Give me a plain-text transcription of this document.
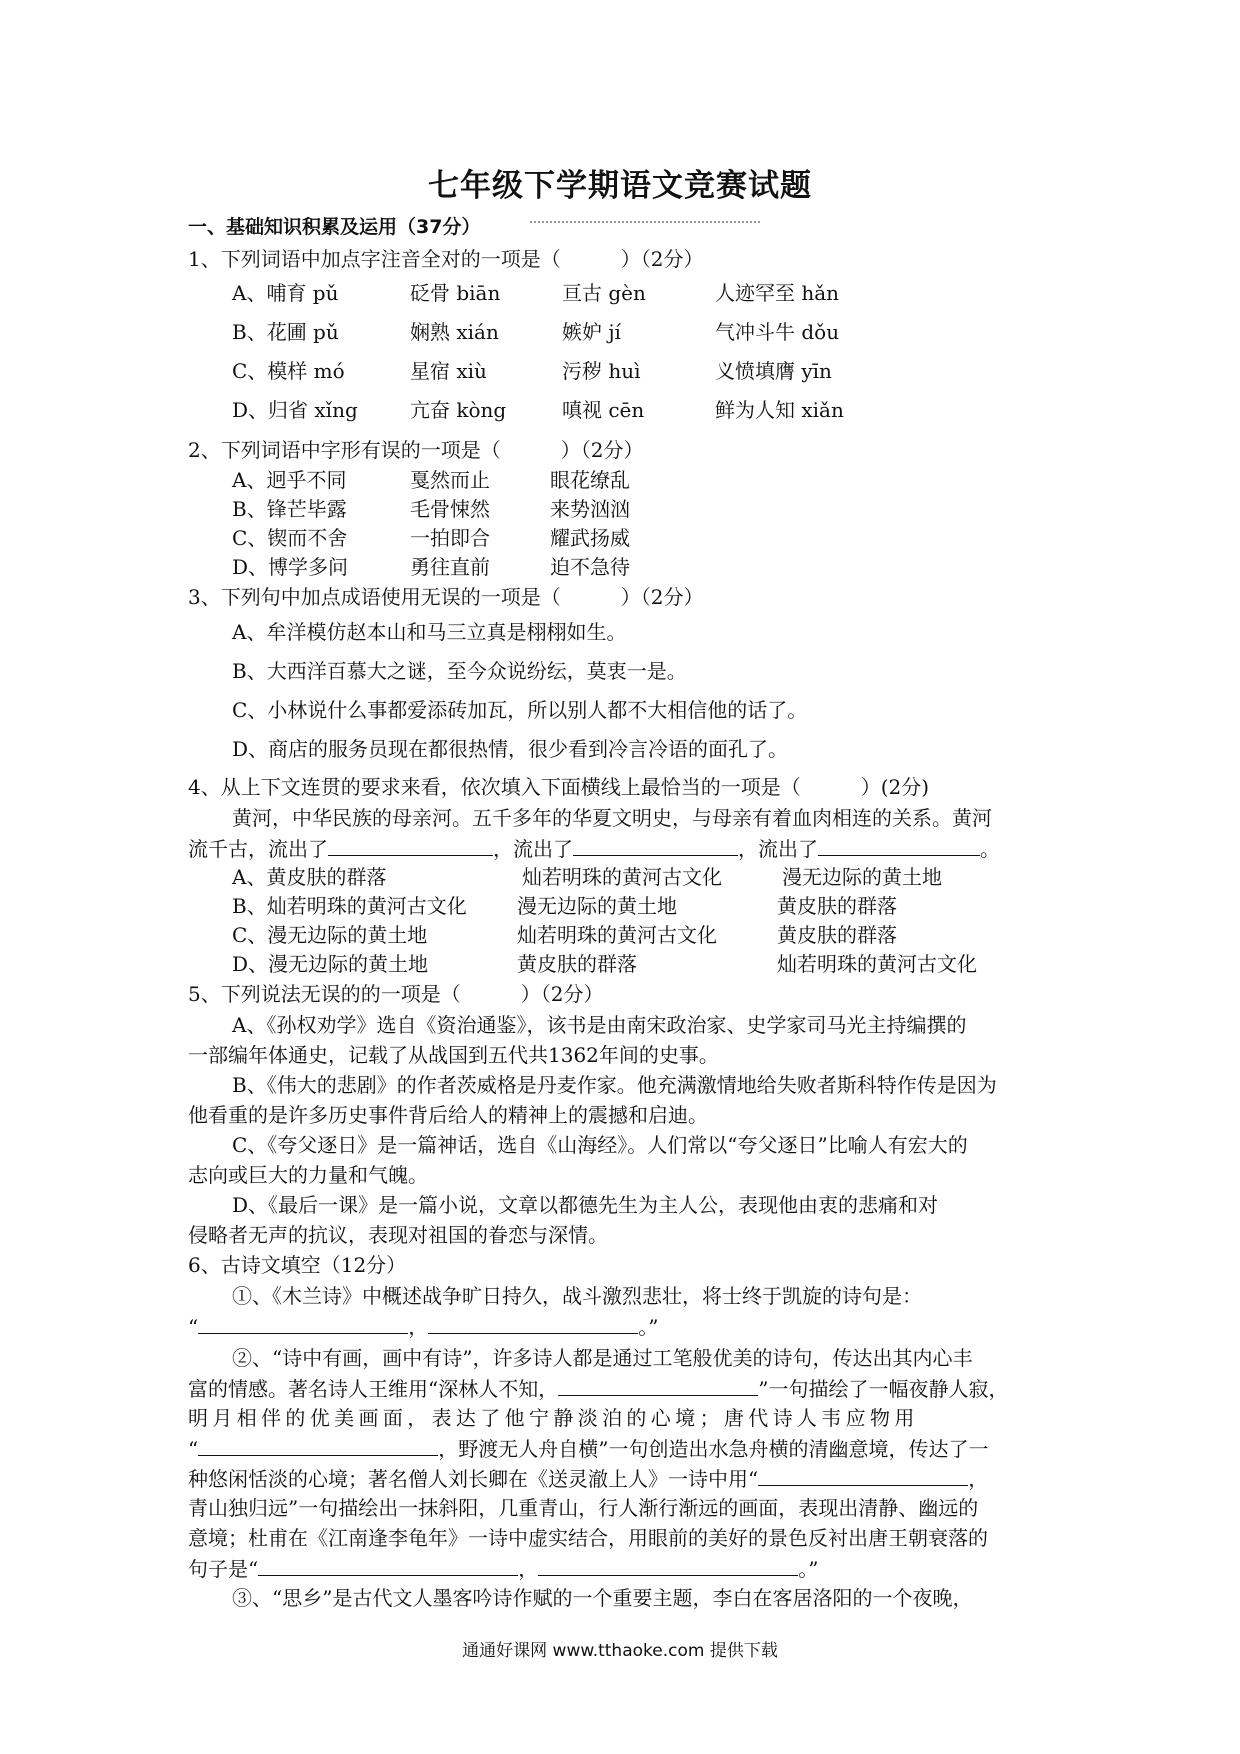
七年级下学期语文竞赛试题
一、基础知识积累及运用（37分）
1、下列词语中加点字注音全对的一项是（　　　）（2分）
A、哺育 pǔ	砭骨 biān	亘古 gèn	人迹罕至 hǎn
B、花圃 pǔ	娴熟 xián	嫉妒 jí	气冲斗牛 dǒu
C、模样 mó	星宿 xiù	污秽 huì	义愤填膺 yīn
D、归省 xǐng	亢奋 kòng	嗔视 cēn	鲜为人知 xiǎn
2、下列词语中字形有误的一项是（　　　）（2分）
A、迥乎不同	戛然而止	眼花缭乱
B、锋芒毕露	毛骨悚然	来势汹汹
C、锲而不舍	一拍即合	耀武扬威
D、博学多问	勇往直前	迫不急待
3、下列句中加点成语使用无误的一项是（　　　）（2分）
A、牟洋模仿赵本山和马三立真是栩栩如生。
B、大西洋百慕大之谜，至今众说纷纭，莫衷一是。
C、小林说什么事都爱添砖加瓦，所以别人都不大相信他的话了。
D、商店的服务员现在都很热情，很少看到冷言冷语的面孔了。
4、从上下文连贯的要求来看，依次填入下面横线上最恰当的一项是（　　　）(2分)
黄河，中华民族的母亲河。五千多年的华夏文明史，与母亲有着血肉相连的关系。黄河
流千古，流出了	，流出了	，流出了	。
A、黄皮肤的群落	灿若明珠的黄河古文化	漫无边际的黄土地
B、灿若明珠的黄河古文化	漫无边际的黄土地	黄皮肤的群落
C、漫无边际的黄土地	灿若明珠的黄河古文化	黄皮肤的群落
D、漫无边际的黄土地	黄皮肤的群落	灿若明珠的黄河古文化
5、下列说法无误的的一项是（　　　）（2分）
A、《孙权劝学》选自《资治通鉴》，该书是由南宋政治家、史学家司马光主持编撰的
一部编年体通史，记载了从战国到五代共1362年间的史事。
B、《伟大的悲剧》的作者茨威格是丹麦作家。他充满激情地给失败者斯科特作传是因为
他看重的是许多历史事件背后给人的精神上的震撼和启迪。
C、《夸父逐日》是一篇神话，选自《山海经》。人们常以“夸父逐日”比喻人有宏大的
志向或巨大的力量和气魄。
D、《最后一课》是一篇小说，文章以都德先生为主人公，表现他由衷的悲痛和对
侵略者无声的抗议，表现对祖国的眷恋与深情。
6、古诗文填空（12分）
①、《木兰诗》中概述战争旷日持久，战斗激烈悲壮，将士终于凯旋的诗句是：
“	，	。”
②、“诗中有画，画中有诗”，许多诗人都是通过工笔般优美的诗句，传达出其内心丰
富的情感。著名诗人王维用“深林人不知，	”一句描绘了一幅夜静人寂，
明 月 相 伴 的 优 美 画 面 ， 表 达 了 他 宁 静 淡 泊 的 心 境 ； 唐 代 诗 人 韦 应 物 用
“	，野渡无人舟自横”一句创造出水急舟横的清幽意境，传达了一
种悠闲恬淡的心境；著名僧人刘长卿在《送灵澈上人》一诗中用“	，
青山独归远”一句描绘出一抹斜阳，几重青山，行人渐行渐远的画面，表现出清静、幽远的
意境；杜甫在《江南逢李龟年》一诗中虚实结合，用眼前的美好的景色反衬出唐王朝衰落的
句子是“	，	。”
③、“思乡”是古代文人墨客吟诗作赋的一个重要主题，李白在客居洛阳的一个夜晚，
通通好课网 www.tthaoke.com 提供下载
